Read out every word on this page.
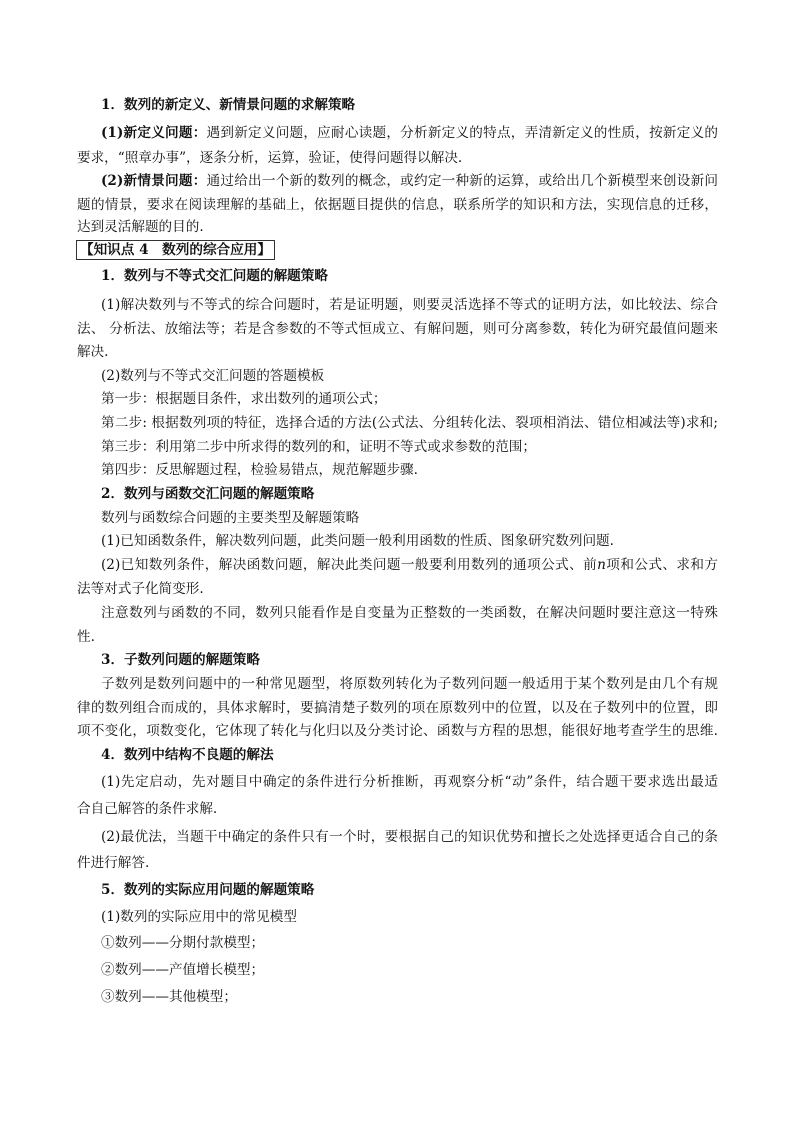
1．数列的新定义、新情景问题的求解策略

(1)新定义问题：遇到新定义问题，应耐心读题，分析新定义的特点，弄清新定义的性质，按新定义的

要求，“照章办事”，逐条分析，运算，验证，使得问题得以解决.

(2)新情景问题：通过给出一个新的数列的概念，或约定一种新的运算，或给出几个新模型来创设新问

题的情景，要求在阅读理解的基础上，依据题目提供的信息，联系所学的知识和方法，实现信息的迁移，

达到灵活解题的目的.

【知识点 4　数列的综合应用】

1．数列与不等式交汇问题的解题策略

(1)解决数列与不等式的综合问题时，若是证明题，则要灵活选择不等式的证明方法，如比较法、综合

法、 分析法、放缩法等；若是含参数的不等式恒成立、有解问题，则可分离参数，转化为研究最值问题来

解决.

(2)数列与不等式交汇问题的答题模板

第一步：根据题目条件，求出数列的通项公式；

第二步: 根据数列项的特征，选择合适的方法(公式法、分组转化法、裂项相消法、错位相减法等)求和;

第三步：利用第二步中所求得的数列的和，证明不等式或求参数的范围；

第四步：反思解题过程，检验易错点，规范解题步骤.

2．数列与函数交汇问题的解题策略

数列与函数综合问题的主要类型及解题策略

(1)已知函数条件，解决数列问题，此类问题一般利用函数的性质、图象研究数列问题.

(2)已知数列条件，解决函数问题，解决此类问题一般要利用数列的通项公式、前n项和公式、求和方

法等对式子化简变形.

注意数列与函数的不同，数列只能看作是自变量为正整数的一类函数，在解决问题时要注意这一特殊

性.

3．子数列问题的解题策略

子数列是数列问题中的一种常见题型，将原数列转化为子数列问题一般适用于某个数列是由几个有规

律的数列组合而成的，具体求解时，要搞清楚子数列的项在原数列中的位置，以及在子数列中的位置，即

项不变化，项数变化，它体现了转化与化归以及分类讨论、函数与方程的思想，能很好地考查学生的思维.

4．数列中结构不良题的解法

(1)先定启动，先对题目中确定的条件进行分析推断，再观察分析“动”条件，结合题干要求选出最适

合自己解答的条件求解.

(2)最优法，当题干中确定的条件只有一个时，要根据自己的知识优势和擅长之处选择更适合自己的条

件进行解答.

5．数列的实际应用问题的解题策略

(1)数列的实际应用中的常见模型

①数列——分期付款模型；

②数列——产值增长模型；

③数列——其他模型；
